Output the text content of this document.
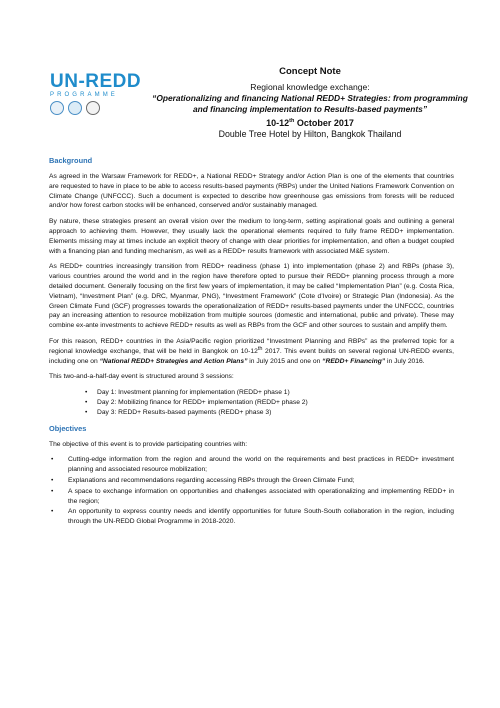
UN-REDD
PROGRAMME
Concept Note
Regional knowledge exchange:
“Operationalizing and financing National REDD+ Strategies: from programming and financing implementation to Results-based payments”
10-12th October 2017
Double Tree Hotel by Hilton, Bangkok Thailand
Background

As agreed in the Warsaw Framework for REDD+, a National REDD+ Strategy and/or Action Plan is one of the elements that countries are requested to have in place to be able to access results-based payments (RBPs) under the United Nations Framework Convention on Climate Change (UNFCCC). Such a document is expected to describe how greenhouse gas emissions from forests will be reduced and/or how forest carbon stocks will be enhanced, conserved and/or sustainably managed.

By nature, these strategies present an overall vision over the medium to long-term, setting aspirational goals and outlining a general approach to achieving them. However, they usually lack the operational elements required to fully frame REDD+ implementation. Elements missing may at times include an explicit theory of change with clear priorities for implementation, and often a budget coupled with a financing plan and funding mechanism, as well as a REDD+ results framework with associated M&E system.

As REDD+ countries increasingly transition from REDD+ readiness (phase 1) into implementation (phase 2) and RBPs (phase 3), various countries around the world and in the region have therefore opted to pursue their REDD+ planning process through a more detailed document. Generally focusing on the first few years of implementation, it may be called “Implementation Plan” (e.g. Costa Rica, Vietnam), “Investment Plan” (e.g. DRC, Myanmar, PNG), “Investment Framework” (Cote d’Ivoire) or Strategic Plan (Indonesia). As the Green Climate Fund (GCF) progresses towards the operationalization of REDD+ results-based payments under the UNFCCC, countries pay an increasing attention to resource mobilization from multiple sources (domestic and international, public and private). These may combine ex-ante investments to achieve REDD+ results as well as RBPs from the GCF and other sources to sustain and amplify them.

For this reason, REDD+ countries in the Asia/Pacific region prioritized “Investment Planning and RBPs” as the preferred topic for a regional knowledge exchange, that will be held in Bangkok on 10-12th 2017. This event builds on several regional UN-REDD events, including one on “National REDD+ Strategies and Action Plans” in July 2015 and one on “REDD+ Financing” in July 2016.

This two-and-a-half-day event is structured around 3 sessions:

• Day 1: Investment planning for implementation (REDD+ phase 1)
• Day 2: Mobilizing finance for REDD+ implementation (REDD+ phase 2)
• Day 3: REDD+ Results-based payments (REDD+ phase 3)
Objectives

The objective of this event is to provide participating countries with:

• Cutting-edge information from the region and around the world on the requirements and best practices in REDD+ investment planning and associated resource mobilization;
• Explanations and recommendations regarding accessing RBPs through the Green Climate Fund;
• A space to exchange information on opportunities and challenges associated with operationalizing and implementing REDD+ in the region;
• An opportunity to express country needs and identify opportunities for future South-South collaboration in the region, including through the UN-REDD Global Programme in 2018-2020.
